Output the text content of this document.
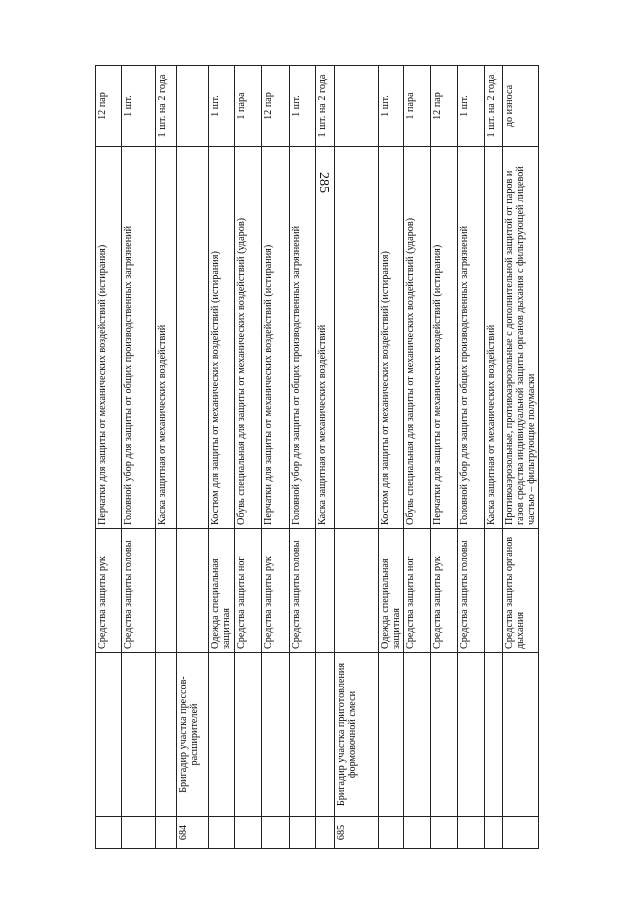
285
		Средства защиты рук	Перчатки для защиты от механических воздействий (истирания)	12 пар
		Средства защиты головы	Головной убор для защиты от общих производственных загрязнений	1 шт.
			Каска защитная от механических воздействий	1 шт. на 2 года
684	Бригадир участка прессов-расширителей			
		Одежда специальная защитная	Костюм для защиты от механических воздействий (истирания)	1 шт.
		Средства защиты ног	Обувь специальная для защиты от механических воздействий (ударов)	1 пара
		Средства защиты рук	Перчатки для защиты от механических воздействий (истирания)	12 пар
		Средства защиты головы	Головной убор для защиты от общих производственных загрязнений	1 шт.
			Каска защитная от механических воздействий	1 шт. на 2 года
685	Бригадир участка приготовления формовочной смеси			
		Одежда специальная защитная	Костюм для защиты от механических воздействий (истирания)	1 шт.
		Средства защиты ног	Обувь специальная для защиты от механических воздействий (ударов)	1 пара
		Средства защиты рук	Перчатки для защиты от механических воздействий (истирания)	12 пар
		Средства защиты головы	Головной убор для защиты от общих производственных загрязнений	1 шт.
			Каска защитная от механических воздействий	1 шт. на 2 года
		Средства защиты органов дыхания	Противоаэрозольные, противоаэрозольные с дополнительной защитой от паров и газов средства индивидуальной защиты органов дыхания с фильтрующей лицевой частью – фильтрующие полумаски	до износа
